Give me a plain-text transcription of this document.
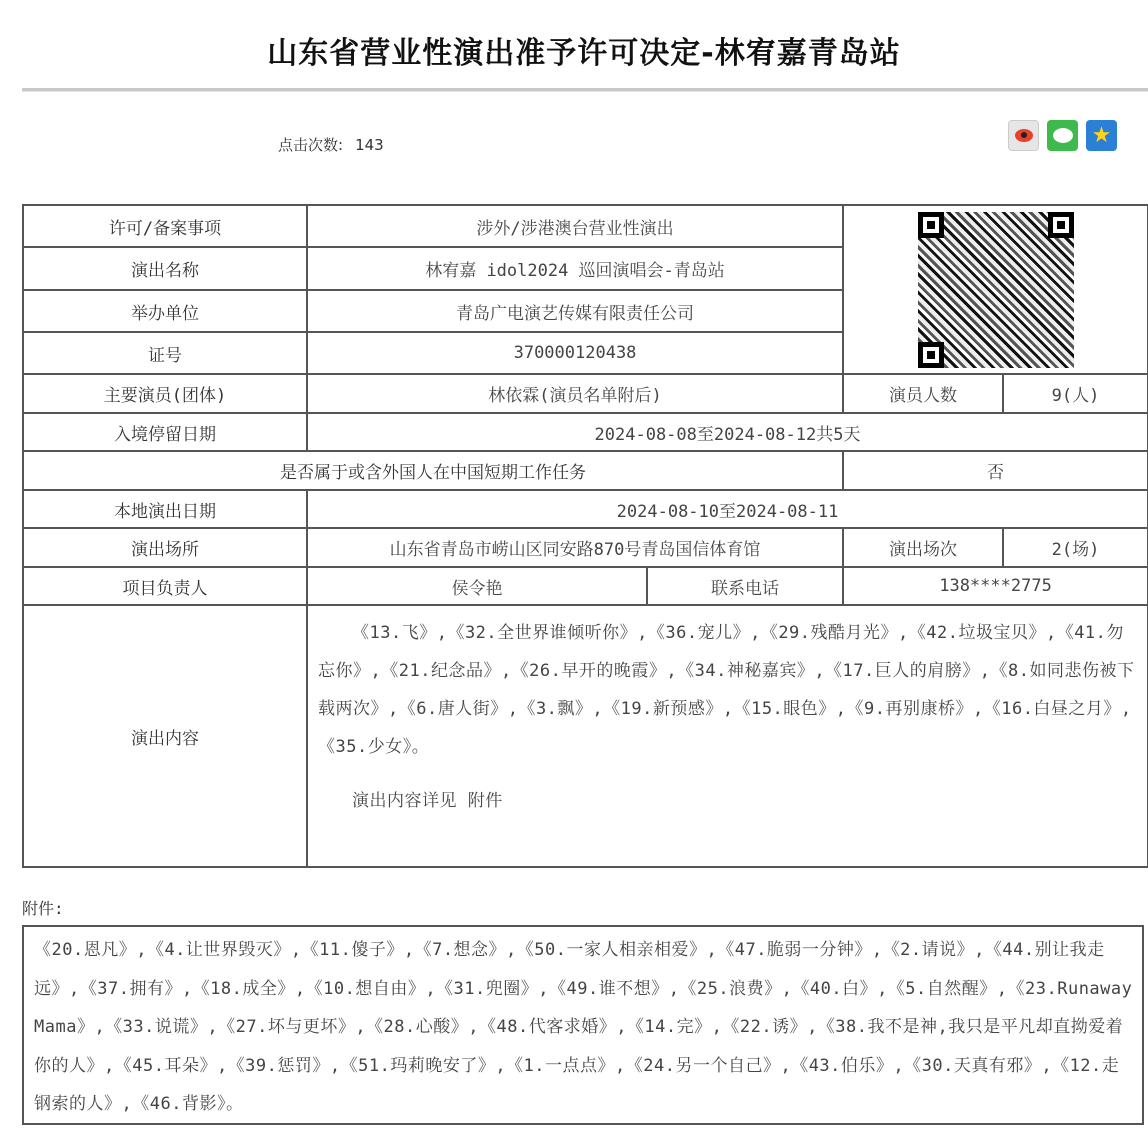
山东省营业性演出准予许可决定-林宥嘉青岛站
点击次数: 143	★
许可/备案事项	涉外/涉港澳台营业性演出			

演出名称	林宥嘉 idol2024 巡回演唱会-青岛站			
举办单位	青岛广电演艺传媒有限责任公司			
证号	370000120438			
主要演员(团体)	林依霖(演员名单附后)		演员人数	9(人)
入境停留日期	2024-08-08至2024-08-12共5天			
是否属于或含外国人在中国短期工作任务			否	
本地演出日期	2024-08-10至2024-08-11			
演出场所	山东省青岛市崂山区同安路870号青岛国信体育馆		演出场次	2(场)
项目负责人	侯令艳	联系电话	138****2775	
演出内容	《13.飞》,《32.全世界谁倾听你》,《36.宠儿》,《29.残酷月光》,《42.垃圾宝贝》,《41.勿忘你》,《21.纪念品》,《26.早开的晚霞》,《34.神秘嘉宾》,《17.巨人的肩膀》,《8.如同悲伤被下载两次》,《6.唐人街》,《3.飘》,《19.新预感》,《15.眼色》,《9.再别康桥》,《16.白昼之月》,《35.少女》。

演出内容详见 附件			

附件:
《20.恩凡》,《4.让世界毁灭》,《11.傻子》,《7.想念》,《50.一家人相亲相爱》,《47.脆弱一分钟》,《2.请说》,《44.别让我走远》,《37.拥有》,《18.成全》,《10.想自由》,《31.兜圈》,《49.谁不想》,《25.浪费》,《40.白》,《5.自然醒》,《23.Runaway Mama》,《33.说谎》,《27.坏与更坏》,《28.心酸》,《48.代客求婚》,《14.完》,《22.诱》,《38.我不是神,我只是平凡却直拗爱着你的人》,《45.耳朵》,《39.惩罚》,《51.玛莉晚安了》,《1.一点点》,《24.另一个自己》,《43.伯乐》,《30.天真有邪》,《12.走钢索的人》,《46.背影》。
